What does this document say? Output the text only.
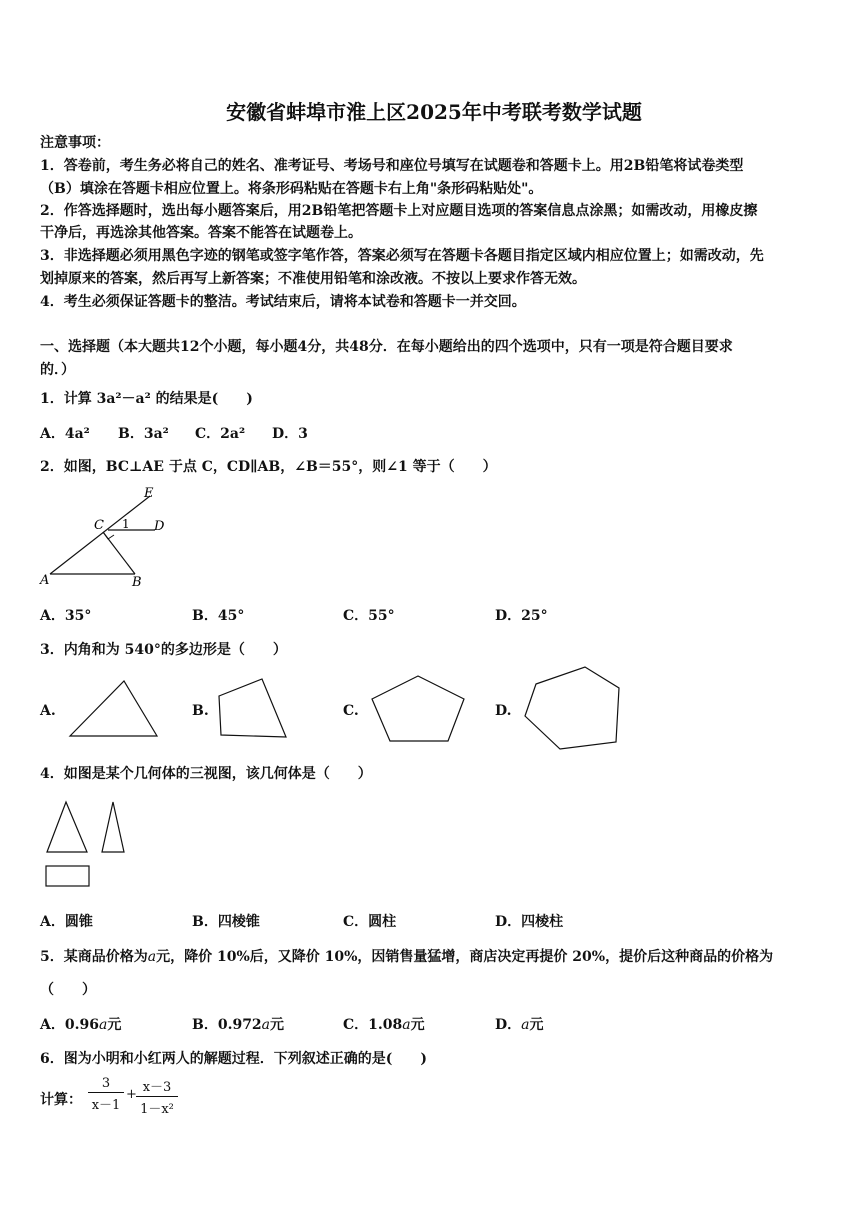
安徽省蚌埠市淮上区2025年中考联考数学试题
注意事项：
1．答卷前，考生务必将自己的姓名、准考证号、考场号和座位号填写在试题卷和答题卡上。用2B铅笔将试卷类型
（B）填涂在答题卡相应位置上。将条形码粘贴在答题卡右上角"条形码粘贴处"。
2．作答选择题时，选出每小题答案后，用2B铅笔把答题卡上对应题目选项的答案信息点涂黑；如需改动，用橡皮擦
干净后，再选涂其他答案。答案不能答在试题卷上。
3．非选择题必须用黑色字迹的钢笔或签字笔作答，答案必须写在答题卡各题目指定区域内相应位置上；如需改动，先
划掉原来的答案，然后再写上新答案；不准使用铅笔和涂改液。不按以上要求作答无效。
4．考生必须保证答题卡的整洁。考试结束后，请将本试卷和答题卡一并交回。
一、选择题（本大题共12个小题，每小题4分，共48分．在每小题给出的四个选项中，只有一项是符合题目要求
的．）
1．计算 3a²－a² 的结果是(　　)
A．4a² B．3a² C．2a² D．3
2．如图，BC⊥AE 于点 C，CD∥AB，∠B＝55°，则∠1 等于（　　）
E
C 1 D
A	B
A．35°	B．45°	C．55°	D．25°
3．内角和为 540°的多边形是（　　）
A.	B.	C.	D.
4．如图是某个几何体的三视图，该几何体是（　　）
A．圆锥	B．四棱锥	C．圆柱	D．四棱柱
5．某商品价格为a元，降价 10%后，又降价 10%，因销售量猛增，商店决定再提价 20%，提价后这种商品的价格为
（　　）
A．0.96a元	B．0.972a元	C．1.08a元	D．a元
6．图为小明和小红两人的解题过程．下列叙述正确的是(　　)
计算：
3
x－1
+ x－3
1－x²
